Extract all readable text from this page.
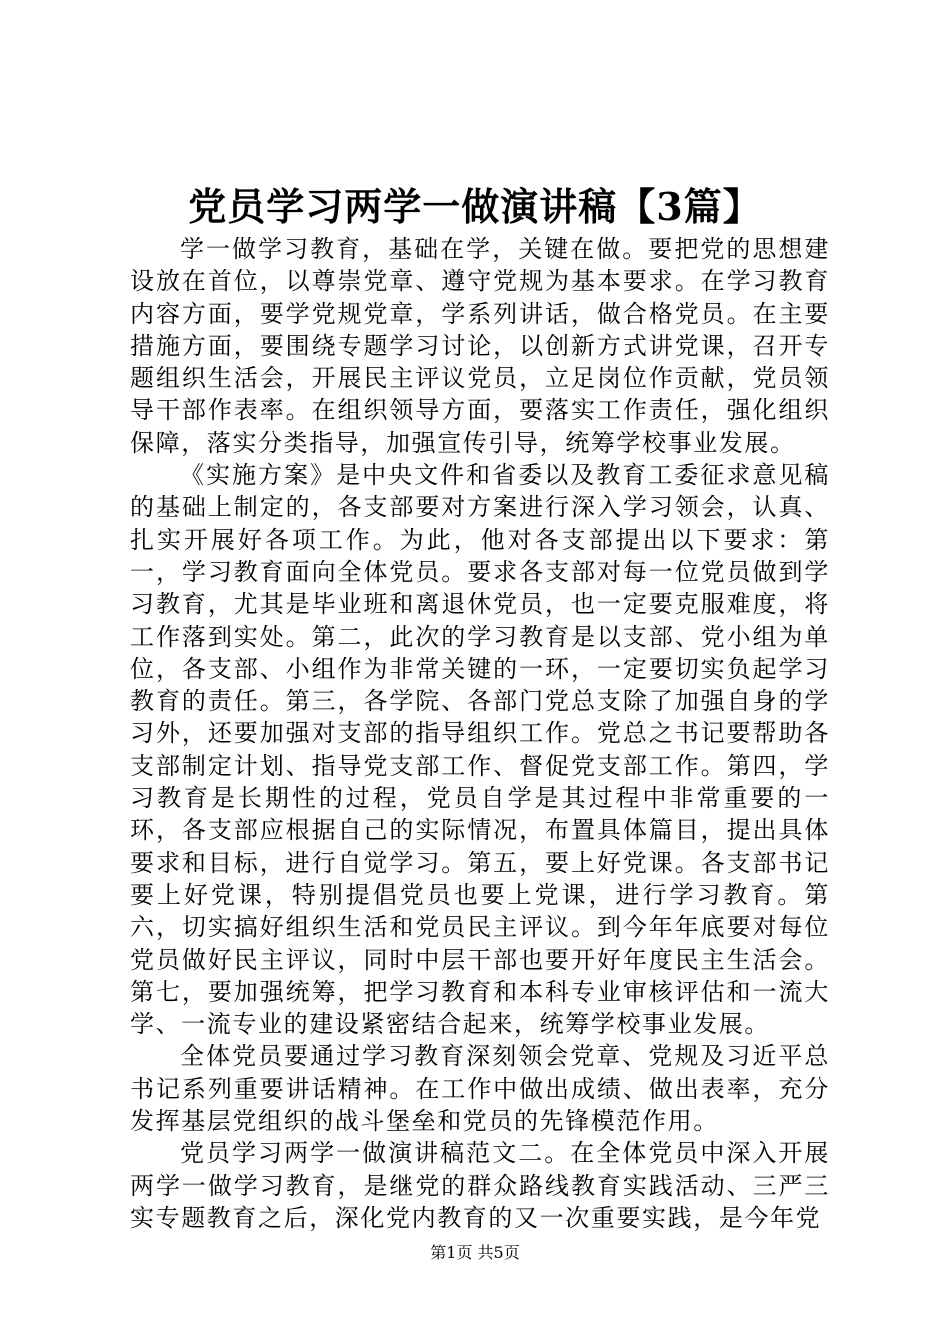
党员学习两学一做演讲稿【3篇】

学一做学习教育，基础在学，关键在做。要把党的思想建设放在首位，以尊崇党章、遵守党规为基本要求。在学习教育内容方面，要学党规党章，学系列讲话，做合格党员。在主要措施方面，要围绕专题学习讨论，以创新方式讲党课，召开专题组织生活会，开展民主评议党员，立足岗位作贡献，党员领导干部作表率。在组织领导方面，要落实工作责任，强化组织保障，落实分类指导，加强宣传引导，统筹学校事业发展。

《实施方案》是中央文件和省委以及教育工委征求意见稿的基础上制定的，各支部要对方案进行深入学习领会，认真、扎实开展好各项工作。为此，他对各支部提出以下要求：第一，学习教育面向全体党员。要求各支部对每一位党员做到学习教育，尤其是毕业班和离退休党员，也一定要克服难度，将工作落到实处。第二，此次的学习教育是以支部、党小组为单位，各支部、小组作为非常关键的一环，一定要切实负起学习教育的责任。第三，各学院、各部门党总支除了加强自身的学习外，还要加强对支部的指导组织工作。党总之书记要帮助各支部制定计划、指导党支部工作、督促党支部工作。第四，学习教育是长期性的过程，党员自学是其过程中非常重要的一环，各支部应根据自己的实际情况，布置具体篇目，提出具体要求和目标，进行自觉学习。第五，要上好党课。各支部书记要上好党课，特别提倡党员也要上党课，进行学习教育。第六，切实搞好组织生活和党员民主评议。到今年年底要对每位党员做好民主评议，同时中层干部也要开好年度民主生活会。第七，要加强统筹，把学习教育和本科专业审核评估和一流大学、一流专业的建设紧密结合起来，统筹学校事业发展。

全体党员要通过学习教育深刻领会党章、党规及习近平总书记系列重要讲话精神。在工作中做出成绩、做出表率，充分发挥基层党组织的战斗堡垒和党员的先锋模范作用。

党员学习两学一做演讲稿范文二。在全体党员中深入开展两学一做学习教育，是继党的群众路线教育实践活动、三严三实专题教育之后，深化党内教育的又一次重要实践，是今年党

第1页 共5页
